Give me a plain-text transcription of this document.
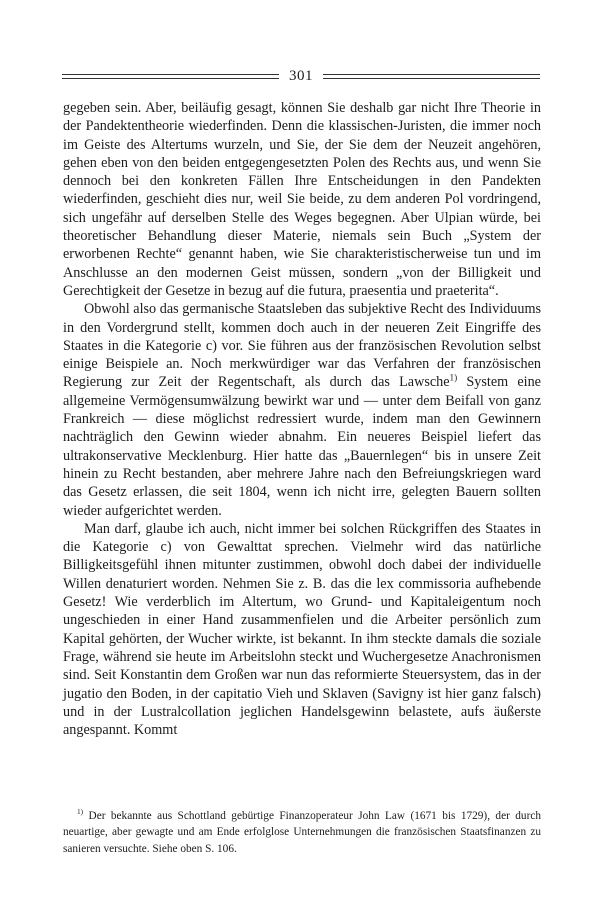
301

gegeben sein. Aber, beiläufig gesagt, können Sie deshalb gar nicht Ihre Theorie in der Pandektentheorie wiederfinden. Denn die klassischen-Juristen, die immer noch im Geiste des Altertums wurzeln, und Sie, der Sie dem der Neuzeit angehören, gehen eben von den beiden entgegengesetzten Polen des Rechts aus, und wenn Sie dennoch bei den konkreten Fällen Ihre Entscheidungen in den Pandekten wiederfinden, geschieht dies nur, weil Sie beide, zu dem anderen Pol vordringend, sich ungefähr auf derselben Stelle des Weges begegnen. Aber Ulpian würde, bei theoretischer Behandlung dieser Materie, niemals sein Buch „System der erworbenen Rechte“ genannt haben, wie Sie charakteristischerweise tun und im Anschlusse an den modernen Geist müssen, sondern „von der Billigkeit und Gerechtigkeit der Gesetze in bezug auf die futura, praesentia und praeterita“.

Obwohl also das germanische Staatsleben das subjektive Recht des Individuums in den Vordergrund stellt, kommen doch auch in der neueren Zeit Eingriffe des Staates in die Kategorie c) vor. Sie führen aus der französischen Revolution selbst einige Beispiele an. Noch merkwürdiger war das Verfahren der französischen Regierung zur Zeit der Regentschaft, als durch das Lawsche$^{1)}$ System eine allgemeine Vermögensumwälzung bewirkt war und — unter dem Beifall von ganz Frankreich — diese möglichst redressiert wurde, indem man den Gewinnern nachträglich den Gewinn wieder abnahm. Ein neueres Beispiel liefert das ultrakonservative Mecklenburg. Hier hatte das „Bauernlegen“ bis in unsere Zeit hinein zu Recht bestanden, aber mehrere Jahre nach den Befreiungskriegen ward das Gesetz erlassen, die seit 1804, wenn ich nicht irre, gelegten Bauern sollten wieder aufgerichtet werden.

Man darf, glaube ich auch, nicht immer bei solchen Rückgriffen des Staates in die Kategorie c) von Gewalttat sprechen. Vielmehr wird das natürliche Billigkeitsgefühl ihnen mitunter zustimmen, obwohl doch dabei der individuelle Willen denaturiert worden. Nehmen Sie z. B. das die lex commissoria aufhebende Gesetz! Wie verderblich im Altertum, wo Grund- und Kapitaleigentum noch ungeschieden in einer Hand zusammenfielen und die Arbeiter persönlich zum Kapital gehörten, der Wucher wirkte, ist bekannt. In ihm steckte damals die soziale Frage, während sie heute im Arbeitslohn steckt und Wuchergesetze Anachronismen sind. Seit Konstantin dem Großen war nun das reformierte Steuersystem, das in der jugatio den Boden, in der capitatio Vieh und Sklaven (Savigny ist hier ganz falsch) und in der Lustralcollation jeglichen Handelsgewinn belastete, aufs äußerste angespannt. Kommt

$^{1)}$ Der bekannte aus Schottland gebürtige Finanzoperateur John Law (1671 bis 1729), der durch neuartige, aber gewagte und am Ende erfolglose Unternehmungen die französischen Staatsfinanzen zu sanieren versuchte. Siehe oben S. 106.
